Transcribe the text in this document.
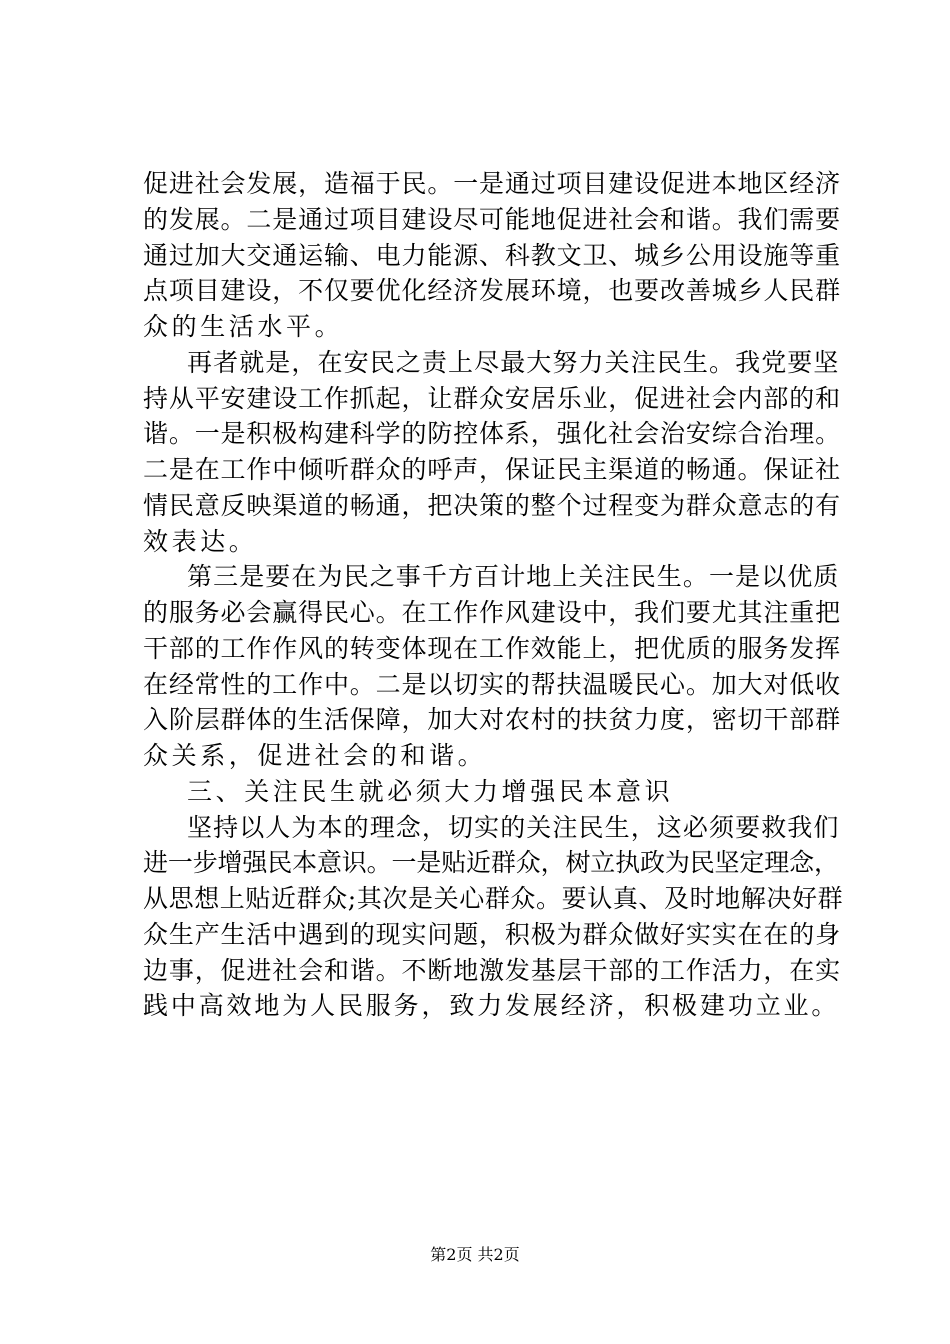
促进社会发展，造福于民。一是通过项目建设促进本地区经济
的发展。二是通过项目建设尽可能地促进社会和谐。我们需要
通过加大交通运输、电力能源、科教文卫、城乡公用设施等重
点项目建设，不仅要优化经济发展环境，也要改善城乡人民群
众的生活水平。
再者就是，在安民之责上尽最大努力关注民生。我党要坚
持从平安建设工作抓起，让群众安居乐业，促进社会内部的和
谐。一是积极构建科学的防控体系，强化社会治安综合治理。
二是在工作中倾听群众的呼声，保证民主渠道的畅通。保证社
情民意反映渠道的畅通，把决策的整个过程变为群众意志的有
效表达。
第三是要在为民之事千方百计地上关注民生。一是以优质
的服务必会赢得民心。在工作作风建设中，我们要尤其注重把
干部的工作作风的转变体现在工作效能上，把优质的服务发挥
在经常性的工作中。二是以切实的帮扶温暖民心。加大对低收
入阶层群体的生活保障，加大对农村的扶贫力度，密切干部群
众关系，促进社会的和谐。
三、关注民生就必须大力增强民本意识
坚持以人为本的理念，切实的关注民生，这必须要救我们
进一步增强民本意识。一是贴近群众，树立执政为民坚定理念，
从思想上贴近群众;其次是关心群众。要认真、及时地解决好群
众生产生活中遇到的现实问题，积极为群众做好实实在在的身
边事，促进社会和谐。不断地激发基层干部的工作活力，在实
践中高效地为人民服务，致力发展经济，积极建功立业。
第2页 共2页
